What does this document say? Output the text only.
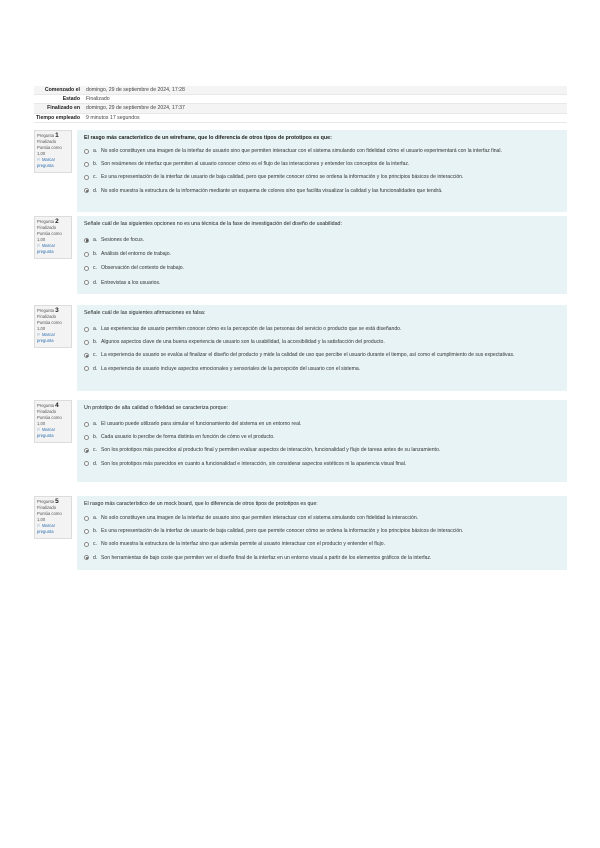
Comenzado el	domingo, 29 de septiembre de 2024, 17:28
Estado	Finalizado
Finalizado en	domingo, 29 de septiembre de 2024, 17:37
Tiempo empleado	9 minutos 17 segundos
Pregunta 1
Finalizado
Puntúa como 1,00
⚐ Marcar pregunta
El rasgo más característico de un wireframe, que lo diferencia de otros tipos de prototipos es que:
a. No solo constituyen una imagen de la interfaz de usuario sino que permiten interactuar con el sistema simulando con fidelidad cómo el usuario experimentará con la interfaz final.
b. Son resúmenes de interfaz que permiten al usuario conocer cómo es el flujo de las interacciones y entender los conceptos de la interfaz.
c. Es una representación de la interfaz de usuario de baja calidad, pero que permite conocer cómo se ordena la información y los principios básicos de interacción.
d. No solo muestra la estructura de la información mediante un esquema de colores sino que facilita visualizar la calidad y las funcionalidades que tendrá.
Pregunta 2
Finalizado
Puntúa como 1,00
⚐ Marcar pregunta
Señale cuál de las siguientes opciones no es una técnica de la fase de investigación del diseño de usabilidad:
a. Sesiones de focus.
b. Análisis del entorno de trabajo.
c. Observación del contexto de trabajo.
d. Entrevistas a los usuarios.
Pregunta 3
Finalizado
Puntúa como 1,00
⚐ Marcar pregunta
Señale cuál de las siguientes afirmaciones es falsa:
a. Las experiencias de usuario permiten conocer cómo es la percepción de las personas del servicio o producto que se está diseñando.
b. Algunos aspectos clave de una buena experiencia de usuario son la usabilidad, la accesibilidad y la satisfacción del producto.
c. La experiencia de usuario se evalúa al finalizar el diseño del producto y mide la calidad de uso que percibe el usuario durante el tiempo, así como el cumplimiento de sus expectativas.
d. La experiencia de usuario incluye aspectos emocionales y sensoriales de la percepción del usuario con el sistema.
Pregunta 4
Finalizado
Puntúa como 1,00
⚐ Marcar pregunta
Un prototipo de alta calidad o fidelidad se caracteriza porque:
a. El usuario puede utilizarlo para simular el funcionamiento del sistema en un entorno real.
b. Cada usuario lo percibe de forma distinta en función de cómo ve el producto.
c. Son los prototipos más parecidos al producto final y permiten evaluar aspectos de interacción, funcionalidad y flujo de tareas antes de su lanzamiento.
d. Son los prototipos más parecidos en cuanto a funcionalidad e interacción, sin considerar aspectos estéticos ni la apariencia visual final.
Pregunta 5
Finalizado
Puntúa como 1,00
⚐ Marcar pregunta
El rasgo más característico de un mock board, que lo diferencia de otros tipos de prototipos es que:
a. No solo constituyen una imagen de la interfaz de usuario sino que permiten interactuar con el sistema simulando con fidelidad la interacción.
b. Es una representación de la interfaz de usuario de baja calidad, pero que permite conocer cómo se ordena la información y los principios básicos de interacción.
c. No solo muestra la estructura de la interfaz sino que además permite al usuario interactuar con el producto y entender el flujo.
d. Son herramientas de bajo coste que permiten ver el diseño final de la interfaz en un entorno visual a partir de los elementos gráficos de la interfaz.
